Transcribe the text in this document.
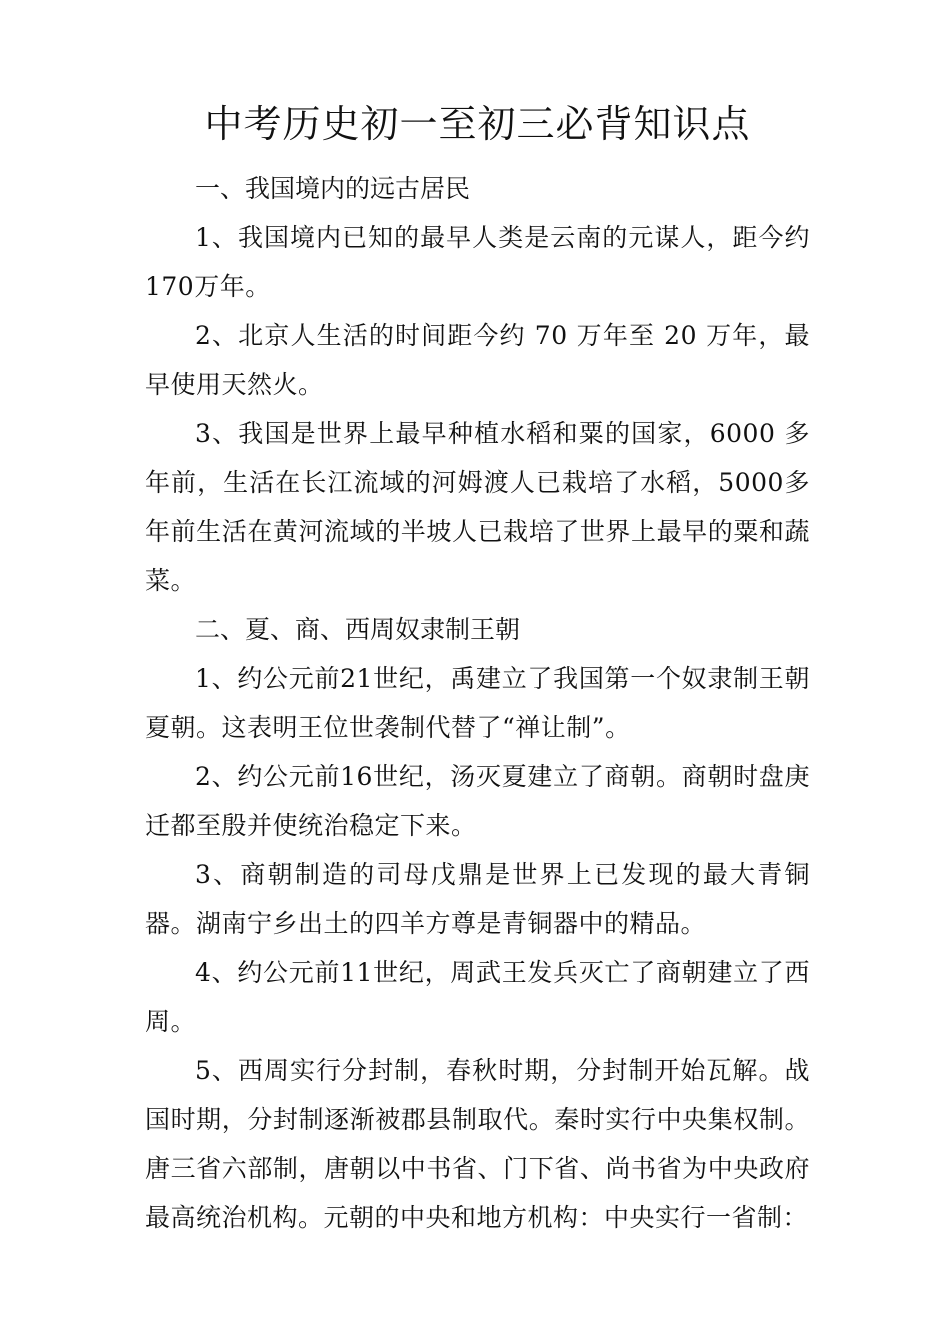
中考历史初一至初三必背知识点

一、我国境内的远古居民

1、我国境内已知的最早人类是云南的元谋人，距今约170万年。

2、北京人生活的时间距今约 70 万年至 20 万年，最早使用天然火。

3、我国是世界上最早种植水稻和粟的国家，6000 多年前，生活在长江流域的河姆渡人已栽培了水稻，5000多年前生活在黄河流域的半坡人已栽培了世界上最早的粟和蔬菜。

二、夏、商、西周奴隶制王朝

1、约公元前21世纪，禹建立了我国第一个奴隶制王朝夏朝。这表明王位世袭制代替了“禅让制”。

2、约公元前16世纪，汤灭夏建立了商朝。商朝时盘庚迁都至殷并使统治稳定下来。

3、商朝制造的司母戊鼎是世界上已发现的最大青铜器。湖南宁乡出土的四羊方尊是青铜器中的精品。

4、约公元前11世纪，周武王发兵灭亡了商朝建立了西周。

5、西周实行分封制，春秋时期，分封制开始瓦解。战国时期，分封制逐渐被郡县制取代。秦时实行中央集权制。唐三省六部制，唐朝以中书省、门下省、尚书省为中央政府最高统治机构。元朝的中央和地方机构：中央实行一省制：
